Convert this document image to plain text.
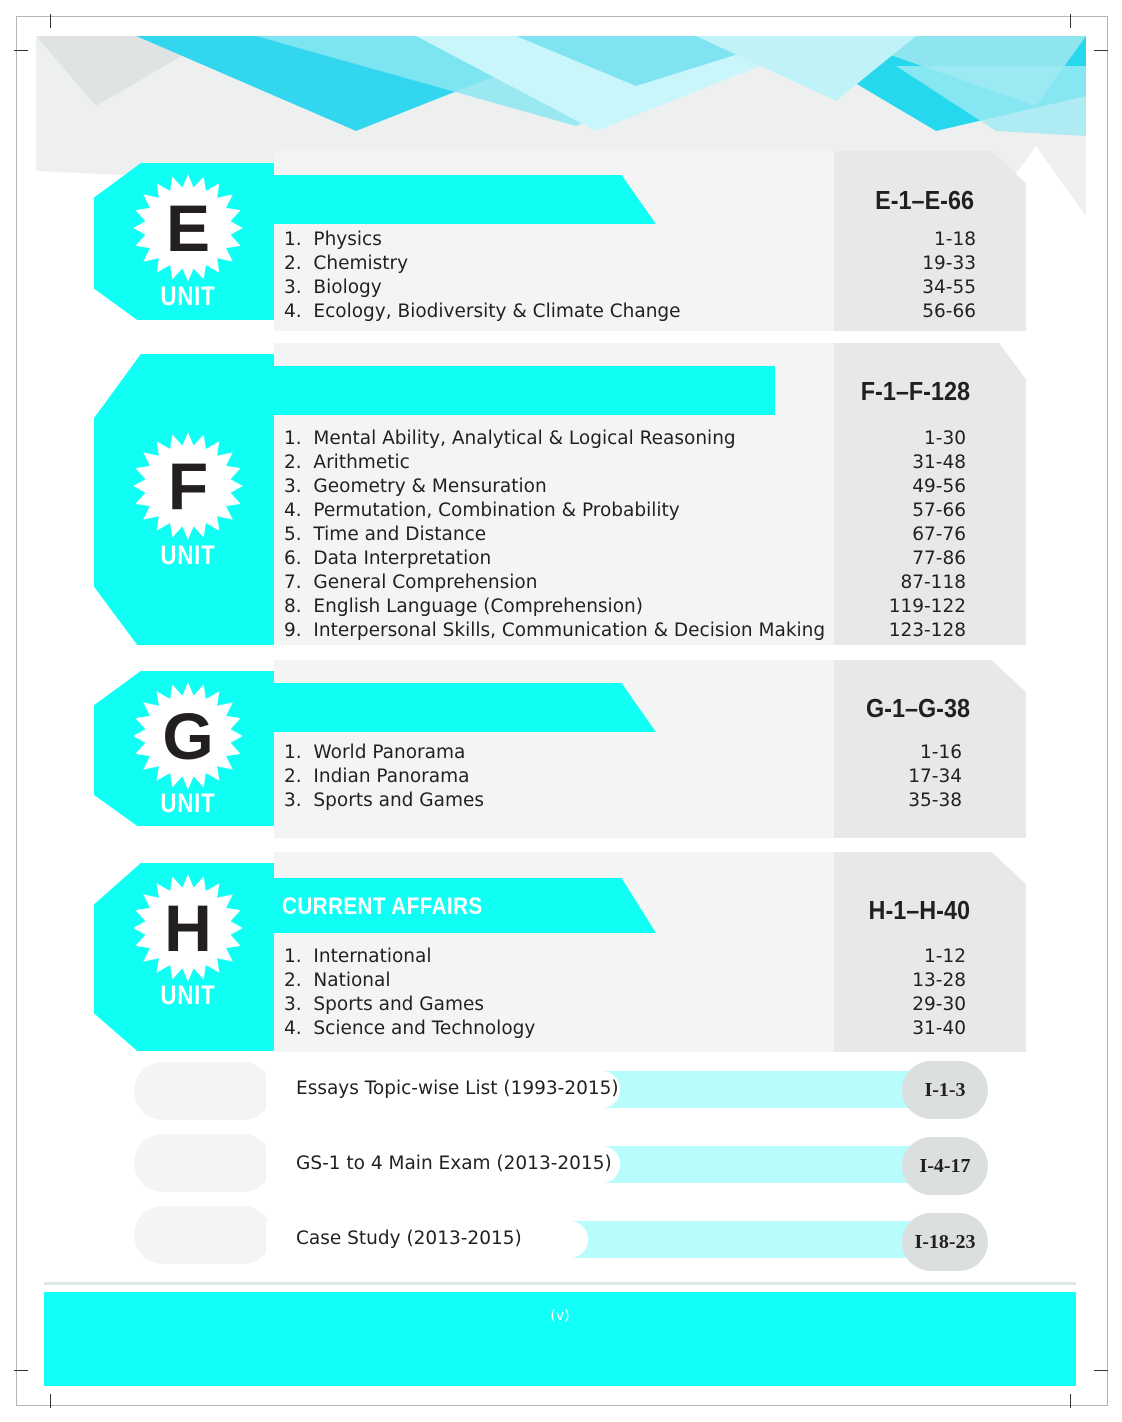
E
UNIT
E-1–E-66
1. Physics	1-18
2. Chemistry	19-33
3. Biology	34-55
4. Ecology, Biodiversity & Climate Change	56-66
F
UNIT
F-1–F-128
1. Mental Ability, Analytical & Logical Reasoning	1-30
2. Arithmetic	31-48
3. Geometry & Mensuration	49-56
4. Permutation, Combination & Probability	57-66
5. Time and Distance	67-76
6. Data Interpretation	77-86
7. General Comprehension	87-118
8. English Language (Comprehension)	119-122
9. Interpersonal Skills, Communication & Decision Making	123-128
G
UNIT
G-1–G-38
1. World Panorama	1-16
2. Indian Panorama	17-34
3. Sports and Games	35-38
H
UNIT
CURRENT AFFAIRS	H-1–H-40
1. International	1-12
2. National	13-28
3. Sports and Games	29-30
4. Science and Technology	31-40
Essays Topic-wise List (1993-2015)	I-1-3
GS-1 to 4 Main Exam (2013-2015)	I-4-17
Case Study (2013-2015)	I-18-23
(v)
